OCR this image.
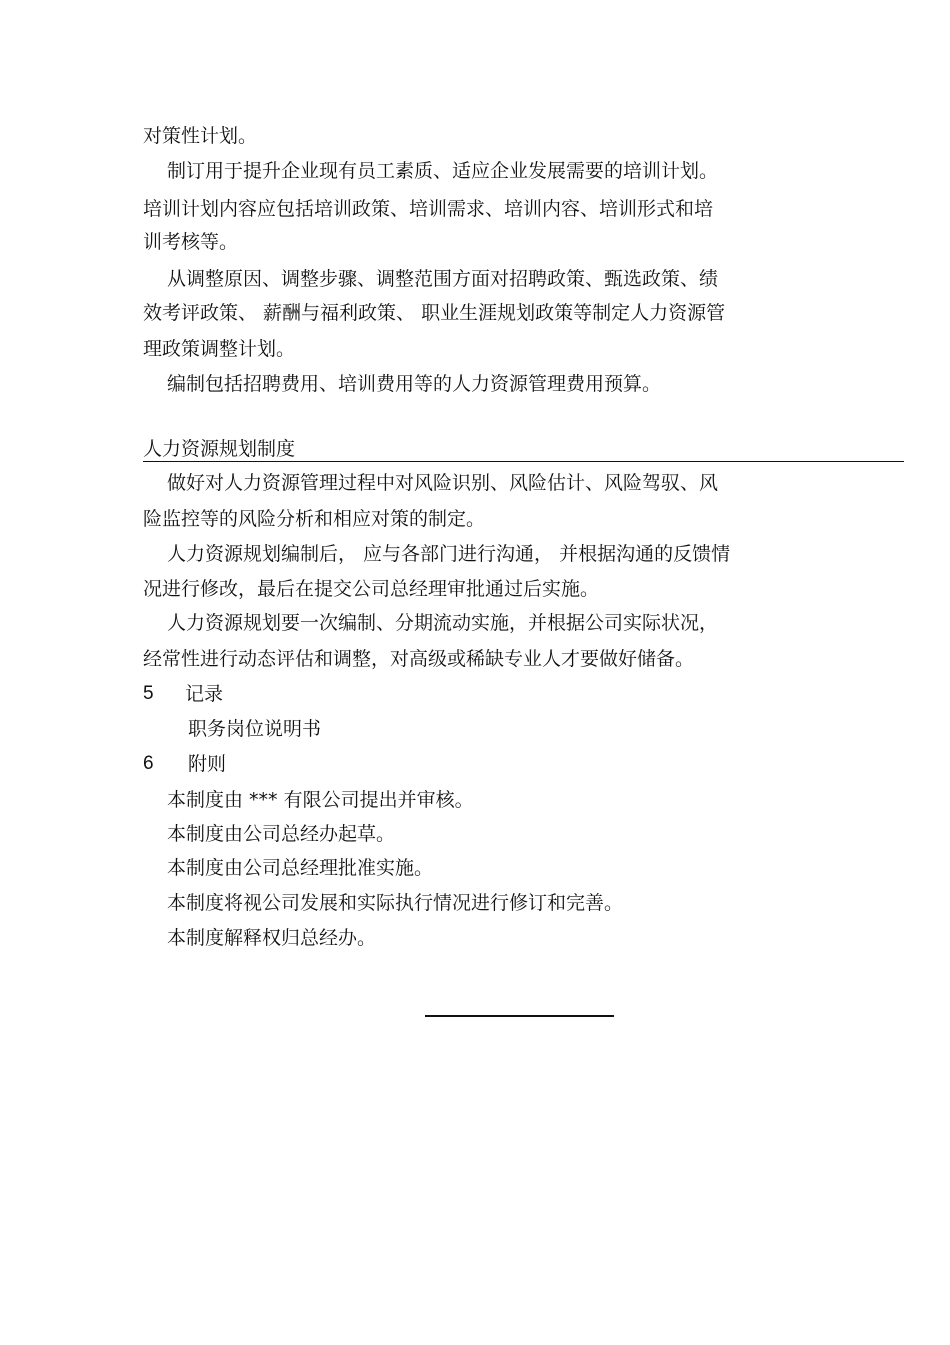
对策性计划。
制订用于提升企业现有员工素质、适应企业发展需要的培训计划。
培训计划内容应包括培训政策、培训需求、培训内容、培训形式和培
训考核等。
从调整原因、调整步骤、调整范围方面对招聘政策、甄选政策、绩
效考评政策、 薪酬与福利政策、 职业生涯规划政策等制定人力资源管
理政策调整计划。
编制包括招聘费用、培训费用等的人力资源管理费用预算。
人力资源规划制度
做好对人力资源管理过程中对风险识别、风险估计、风险驾驭、风
险监控等的风险分析和相应对策的制定。
人力资源规划编制后， 应与各部门进行沟通， 并根据沟通的反馈情
况进行修改，最后在提交公司总经理审批通过后实施。
人力资源规划要一次编制、分期流动实施，并根据公司实际状况，
经常性进行动态评估和调整，对高级或稀缺专业人才要做好储备。
5 记录
职务岗位说明书
6 附则
本制度由 *** 有限公司提出并审核。
本制度由公司总经办起草。
本制度由公司总经理批准实施。
本制度将视公司发展和实际执行情况进行修订和完善。
本制度解释权归总经办。
